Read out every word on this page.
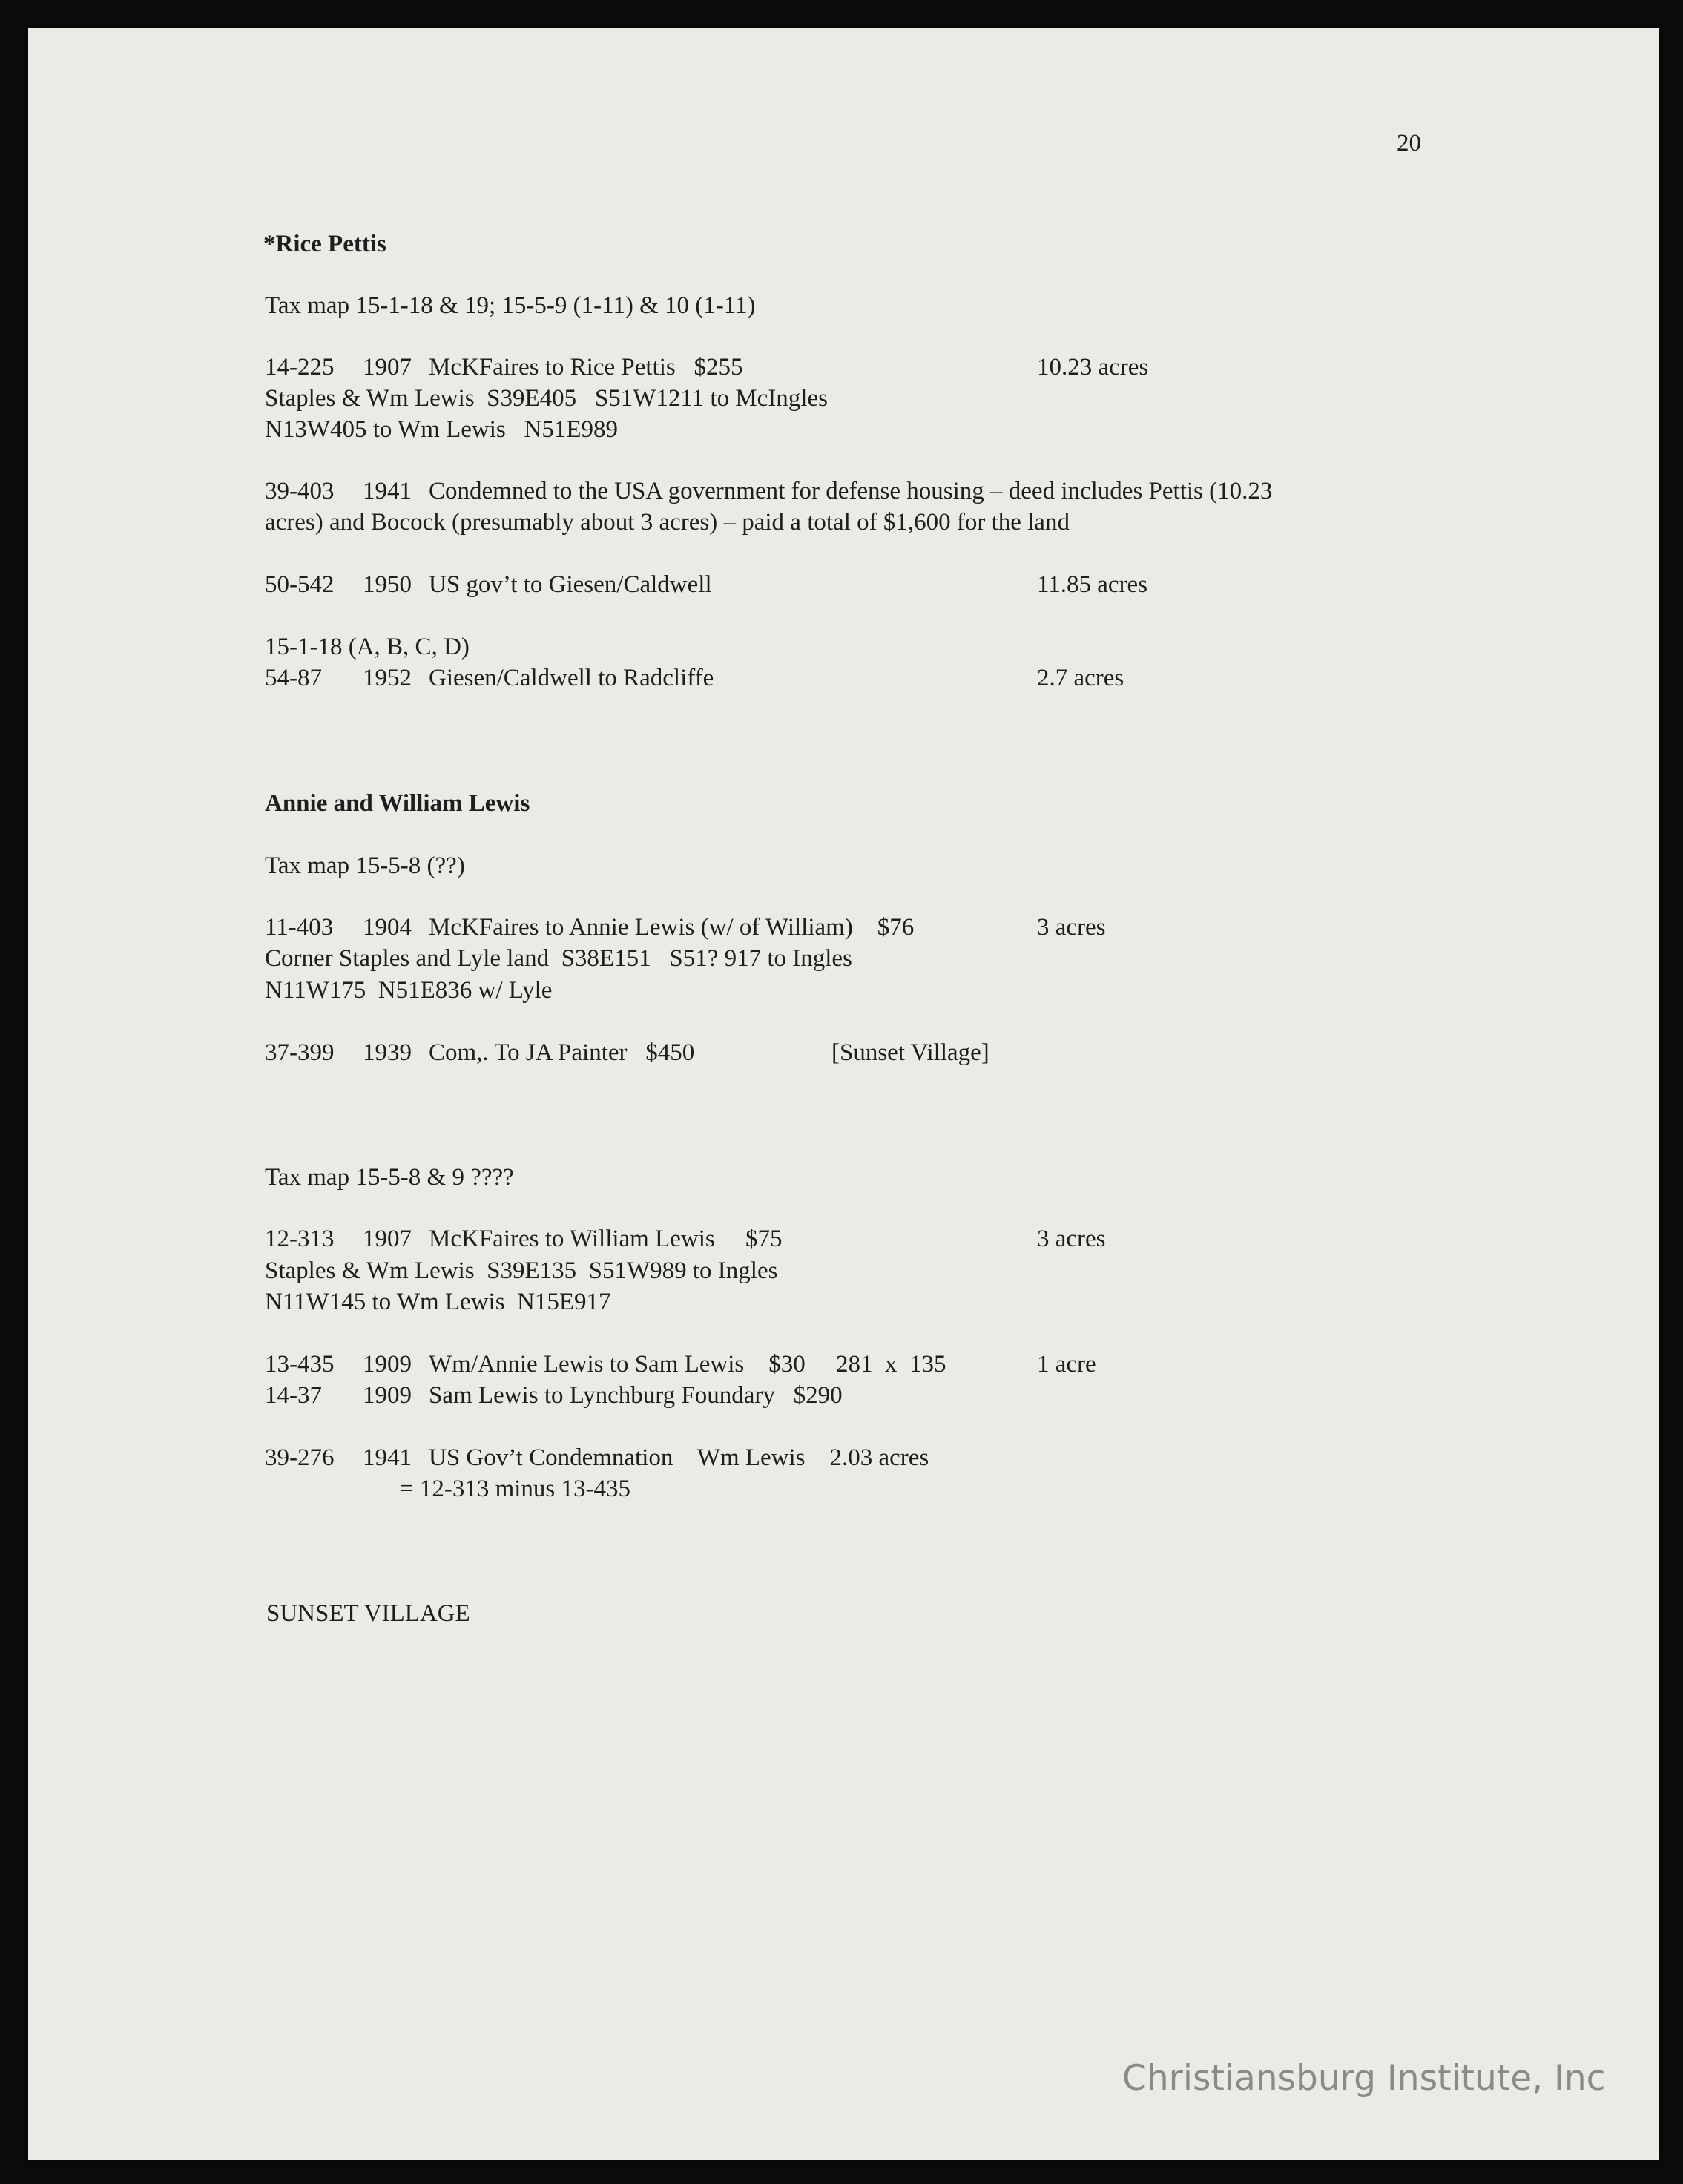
20
*Rice Pettis
Tax map 15-1-18 & 19; 15-5-9 (1-11) & 10 (1-11)
14-225 1907 McKFaires to Rice Pettis   $255	10.23 acres
Staples & Wm Lewis  S39E405   S51W1211 to McIngles
N13W405 to Wm Lewis   N51E989
39-403 1941 Condemned to the USA government for defense housing – deed includes Pettis (10.23
acres) and Bocock (presumably about 3 acres) – paid a total of $1,600 for the land
50-542 1950 US gov’t to Giesen/Caldwell	11.85 acres
15-1-18 (A, B, C, D)
54-87 1952 Giesen/Caldwell to Radcliffe	2.7 acres
Annie and William Lewis
Tax map 15-5-8 (??)
11-403 1904 McKFaires to Annie Lewis (w/ of William)    $76	3 acres
Corner Staples and Lyle land  S38E151   S51? 917 to Ingles
N11W175  N51E836 w/ Lyle
37-399 1939 Com,. To JA Painter   $450	[Sunset Village]
Tax map 15-5-8 & 9 ????
12-313 1907 McKFaires to William Lewis     $75	3 acres
Staples & Wm Lewis  S39E135  S51W989 to Ingles
N11W145 to Wm Lewis  N15E917
13-435 1909 Wm/Annie Lewis to Sam Lewis    $30     281  x  135	1 acre
14-37 1909 Sam Lewis to Lynchburg Foundary   $290
39-276 1941 US Gov’t Condemnation    Wm Lewis    2.03 acres
= 12-313 minus 13-435
SUNSET VILLAGE
Christiansburg Institute, Inc
